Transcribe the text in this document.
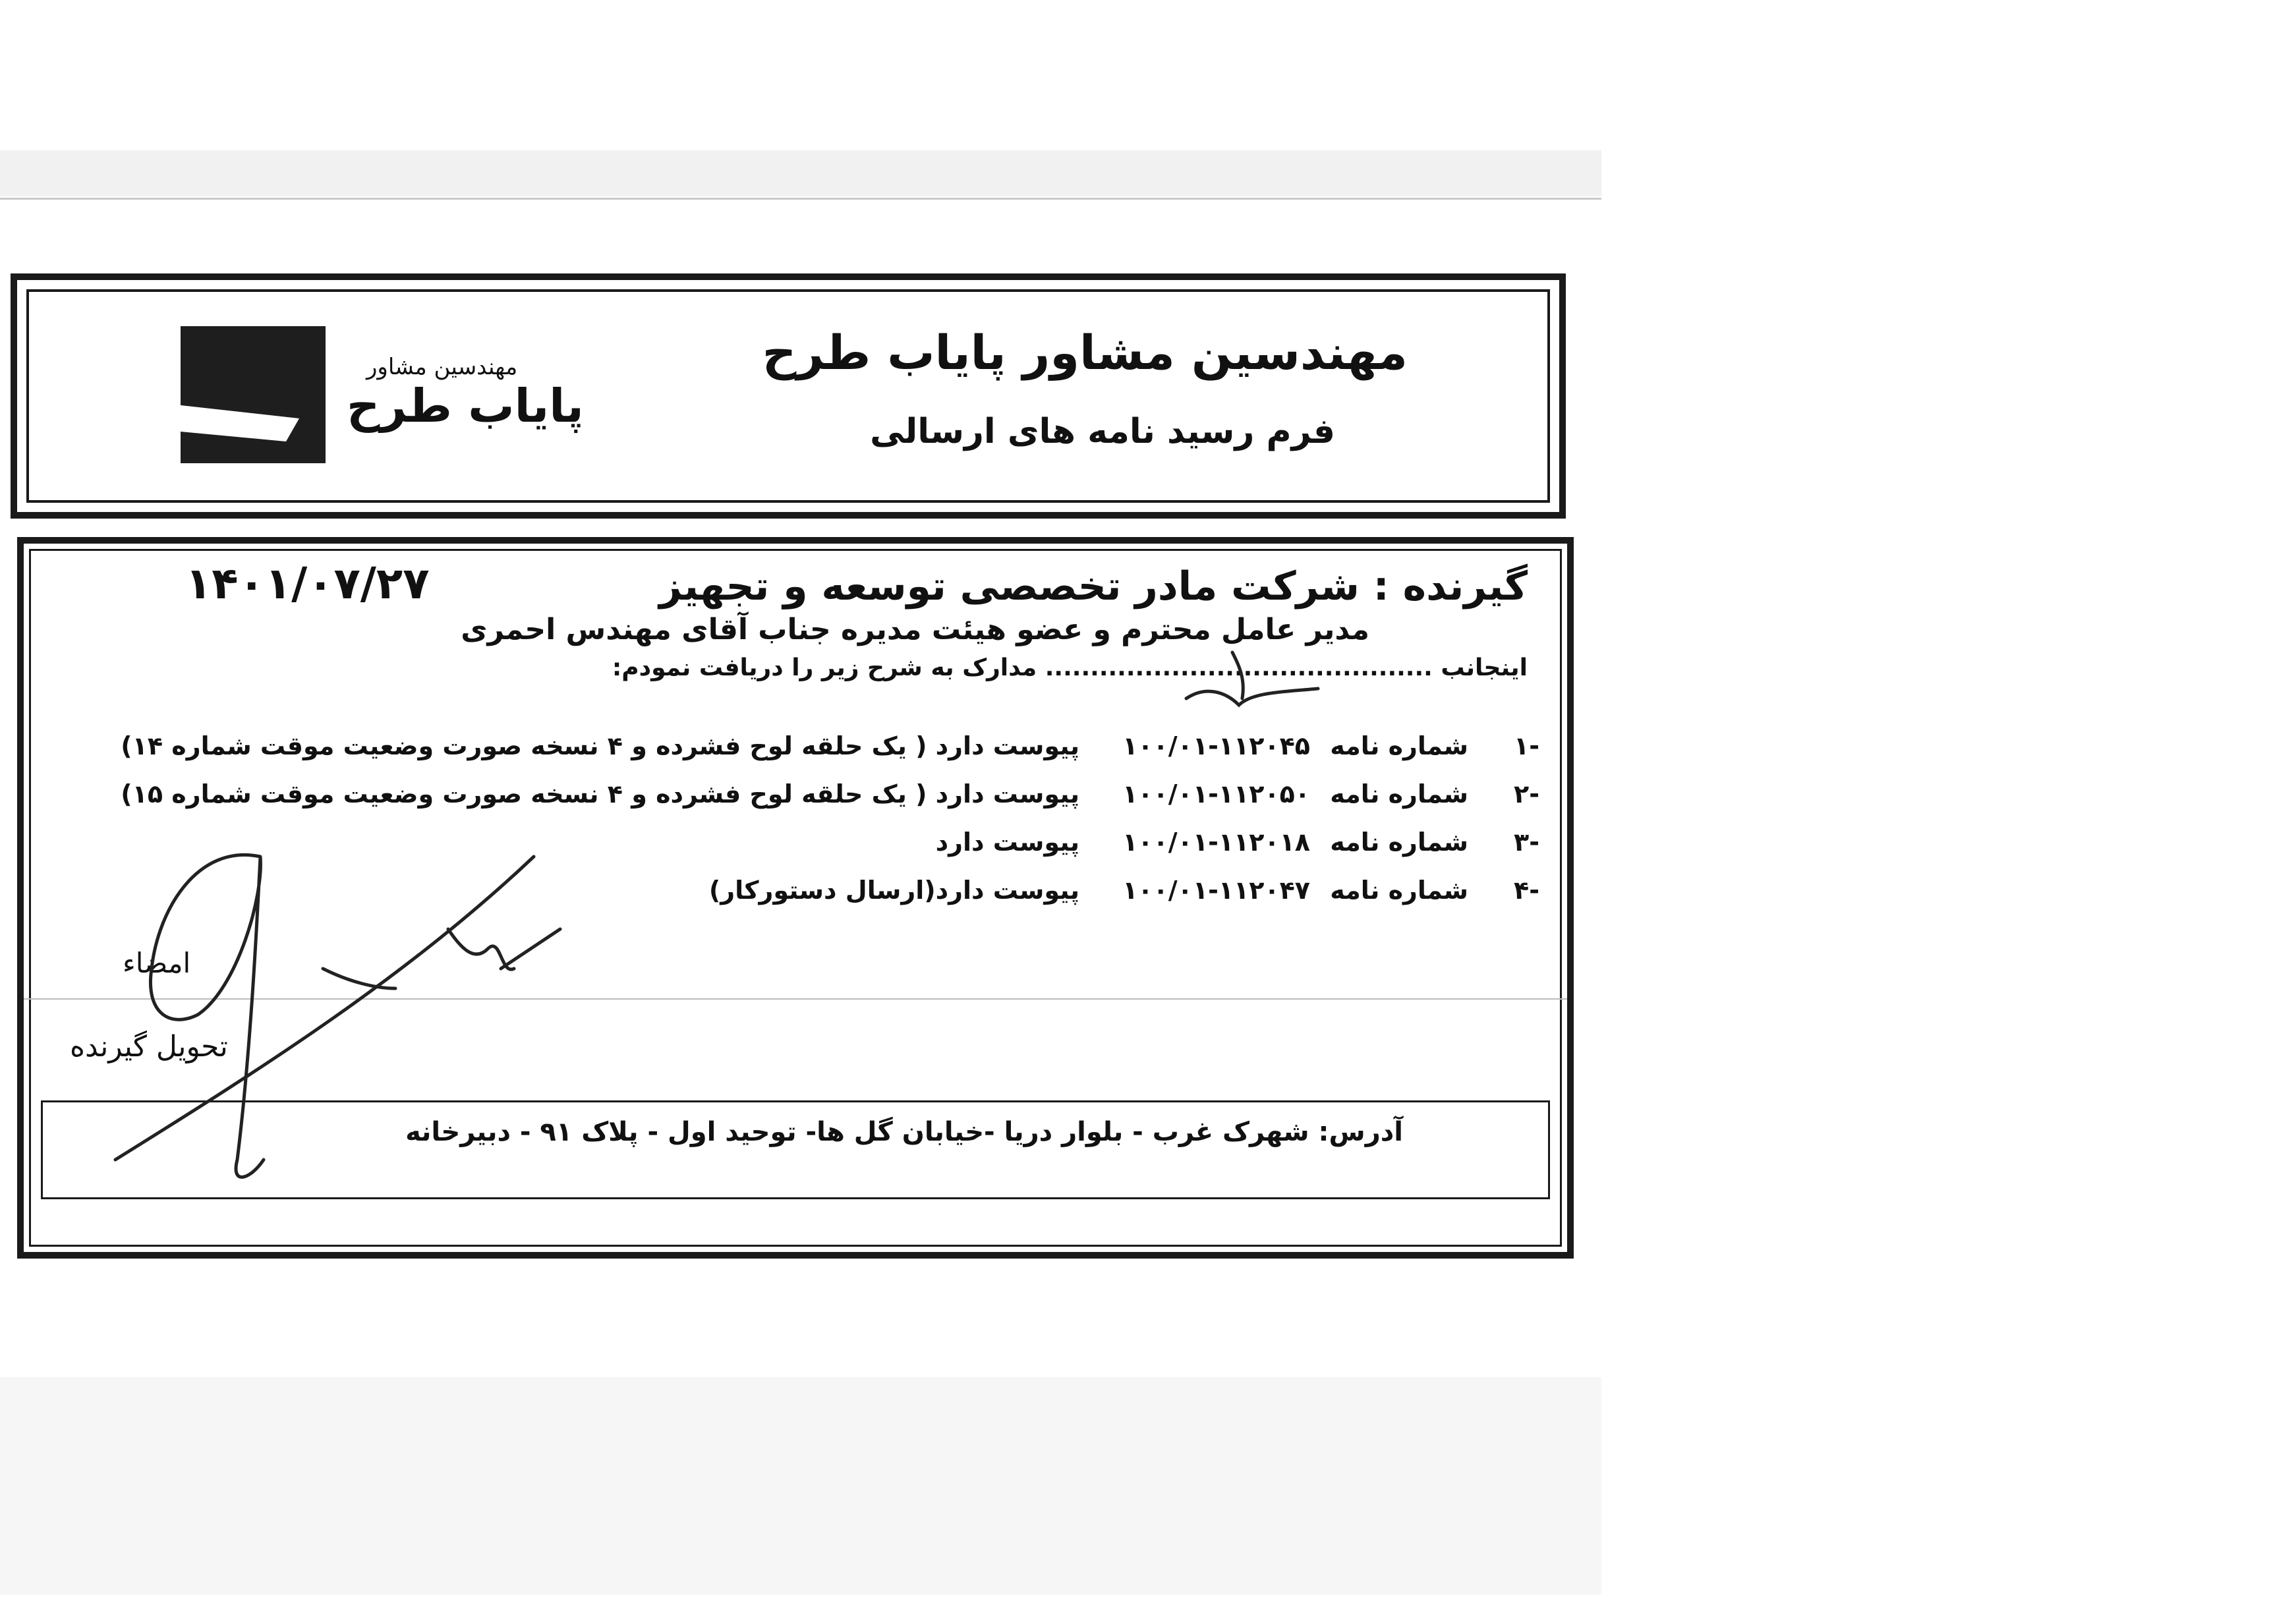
مهندسین مشاور پایاب طرح
فرم رسید نامه های ارسالی
مهندسین مشاور
پایاب طرح
گیرنده : شرکت مادر تخصصی توسعه و تجهیز
۱۴۰۱/۰۷/۲۷
مدیر عامل محترم و عضو هیئت مدیره جناب آقای مهندس احمری
اینجانب ........................................... مدارک به شرح زیر را دریافت نمودم:
۱-
شماره نامه
۱۰۰/۰۱-۱۱۲۰۴۵
پیوست دارد ( یک حلقه لوح فشرده و ۴ نسخه صورت وضعیت موقت شماره ۱۴)
۲-
شماره نامه
۱۰۰/۰۱-۱۱۲۰۵۰
پیوست دارد ( یک حلقه لوح فشرده و ۴ نسخه صورت وضعیت موقت شماره ۱۵)
۳-
شماره نامه
۱۰۰/۰۱-۱۱۲۰۱۸
پیوست دارد
۴-
شماره نامه
۱۰۰/۰۱-۱۱۲۰۴۷
پیوست دارد(ارسال دستورکار)
امضاء
تحویل گیرنده
آدرس: شهرک غرب - بلوار دریا -خیابان گل ها- توحید اول - پلاک ۹۱ - دبیرخانه
